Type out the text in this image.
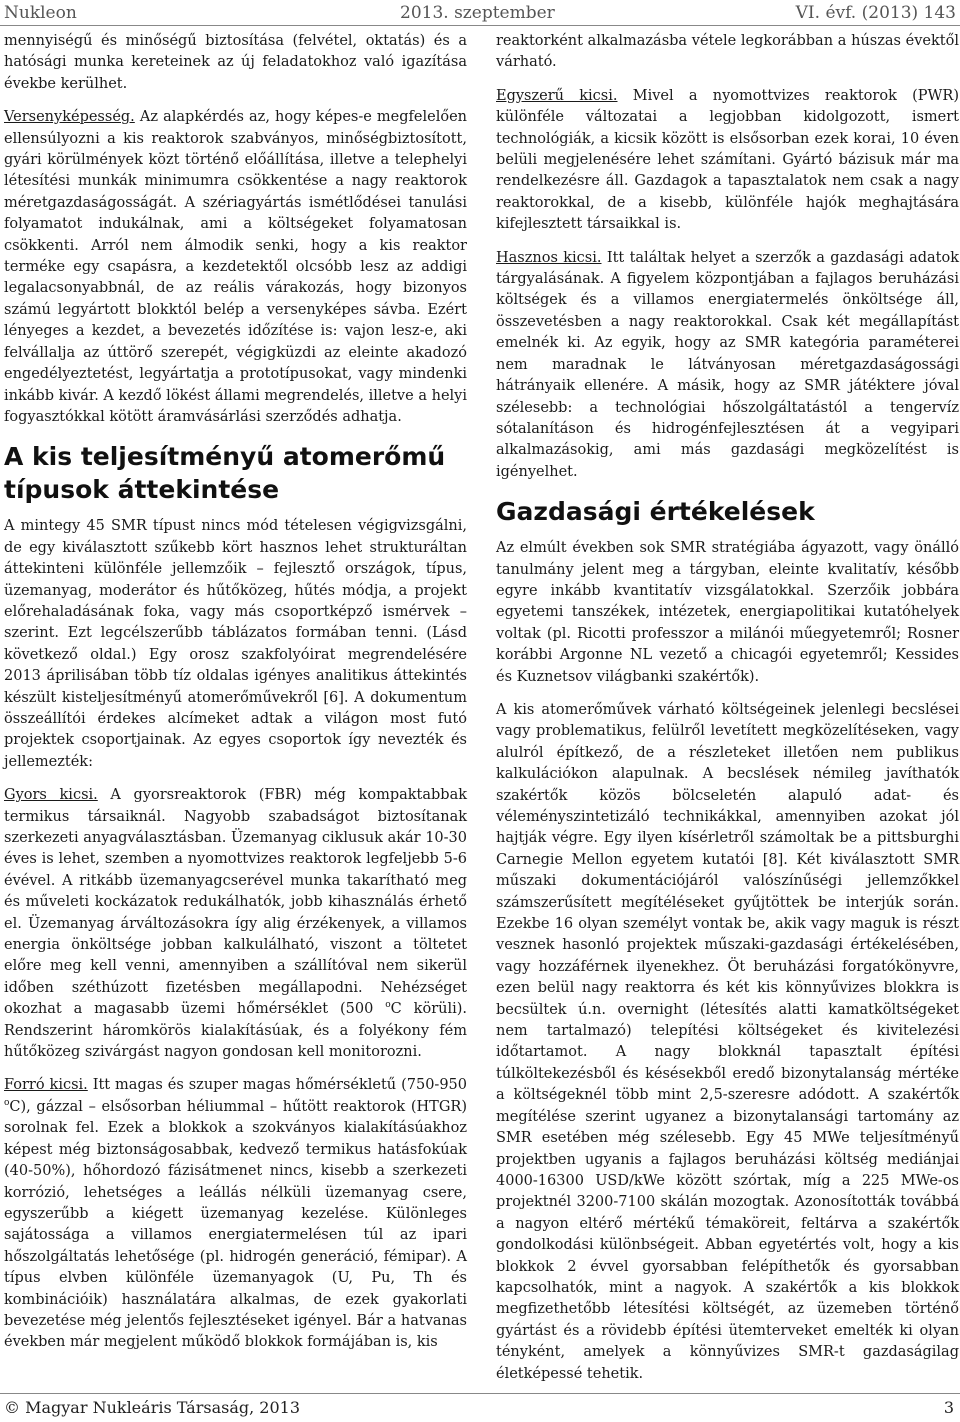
Nukleon	2013. szeptember	VI. évf. (2013) 143

mennyiségű és minőségű biztosítása (felvétel, oktatás) és a hatósági munka kereteinek az új feladatokhoz való igazítása évekbe kerülhet.

Versenyképesség. Az alapkérdés az, hogy képes-e megfelelően ellensúlyozni a kis reaktorok szabványos, minőségbiztosított, gyári körülmények közt történő előállítása, illetve a telephelyi létesítési munkák minimumra csökkentése a nagy reaktorok méretgazdaságosságát. A szériagyártás ismétlődései tanulási folyamatot indukálnak, ami a költségeket folyamatosan csökkenti. Arról nem álmodik senki, hogy a kis reaktor terméke egy csapásra, a kezdetektől olcsóbb lesz az addigi legalacsonyabbnál, de az reális várakozás, hogy bizonyos számú legyártott blokktól belép a versenyképes sávba. Ezért lényeges a kezdet, a bevezetés időzítése is: vajon lesz-e, aki felvállalja az úttörő szerepét, végigküzdi az eleinte akadozó engedélyeztetést, legyártatja a prototípusokat, vagy mindenki inkább kivár. A kezdő lökést állami megrendelés, illetve a helyi fogyasztókkal kötött áramvásárlási szerződés adhatja.

A kis teljesítményű atomerőmű típusok áttekintése

A mintegy 45 SMR típust nincs mód tételesen végigvizsgálni, de egy kiválasztott szűkebb kört hasznos lehet strukturáltan áttekinteni különféle jellemzőik – fejlesztő országok, típus, üzemanyag, moderátor és hűtőközeg, hűtés módja, a projekt előrehaladásának foka, vagy más csoportképző ismérvek – szerint. Ezt legcélszerűbb táblázatos formában tenni. (Lásd következő oldal.) Egy orosz szakfolyóirat megrendelésére 2013 áprilisában több tíz oldalas igényes analitikus áttekintés készült kisteljesítményű atomerőművekről [6]. A dokumentum összeállítói érdekes alcímeket adtak a világon most futó projektek csoportjainak. Az egyes csoportok így nevezték és jellemezték:

Gyors kicsi. A gyorsreaktorok (FBR) még kompaktabbak termikus társaiknál. Nagyobb szabadságot biztosítanak szerkezeti anyagválasztásban. Üzemanyag ciklusuk akár 10-30 éves is lehet, szemben a nyomottvizes reaktorok legfeljebb 5-6 évével. A ritkább üzemanyagcserével munka takarítható meg és műveleti kockázatok redukálhatók, jobb kihasználás érhető el. Üzemanyag árváltozásokra így alig érzékenyek, a villamos energia önköltsége jobban kalkulálható, viszont a töltetet előre meg kell venni, amennyiben a szállítóval nem sikerül időben széthúzott fizetésben megállapodni. Nehézséget okozhat a magasabb üzemi hőmérséklet (500 $^o$C körüli). Rendszerint háromkörös kialakításúak, és a folyékony fém hűtőközeg szivárgást nagyon gondosan kell monitorozni.

Forró kicsi. Itt magas és szuper magas hőmérsékletű (750-950 $^o$C), gázzal – elsősorban héliummal – hűtött reaktorok (HTGR) sorolnak fel. Ezek a blokkok a szokványos kialakításúakhoz képest még biztonságosabbak, kedvező termikus hatásfokúak (40-50%), hőhordozó fázisátmenet nincs, kisebb a szerkezeti korrózió, lehetséges a leállás nélküli üzemanyag csere, egyszerűbb a kiégett üzemanyag kezelése. Különleges sajátossága a villamos energiatermelésen túl az ipari hőszolgáltatás lehetősége (pl. hidrogén generáció, fémipar). A típus elvben különféle üzemanyagok (U, Pu, Th és kombinációik) használatára alkalmas, de ezek gyakorlati bevezetése még jelentős fejlesztéseket igényel. Bár a hatvanas években már megjelent működő blokkok formájában is, kis

reaktorként alkalmazásba vétele legkorábban a húszas évektől várható.

Egyszerű kicsi. Mivel a nyomottvizes reaktorok (PWR) különféle változatai a legjobban kidolgozott, ismert technológiák, a kicsik között is elsősorban ezek korai, 10 éven belüli megjelenésére lehet számítani. Gyártó bázisuk már ma rendelkezésre áll. Gazdagok a tapasztalatok nem csak a nagy reaktorokkal, de a kisebb, különféle hajók meghajtására kifejlesztett társaikkal is.

Hasznos kicsi. Itt találtak helyet a szerzők a gazdasági adatok tárgyalásának. A figyelem központjában a fajlagos beruházási költségek és a villamos energiatermelés önköltsége áll, összevetésben a nagy reaktorokkal. Csak két megállapítást emelnék ki. Az egyik, hogy az SMR kategória paraméterei nem maradnak le látványosan méretgazdaságossági hátrányaik ellenére. A másik, hogy az SMR játéktere jóval szélesebb: a technológiai hőszolgáltatástól a tengervíz sótalanításon és hidrogénfejlesztésen át a vegyipari alkalmazásokig, ami más gazdasági megközelítést is igényelhet.

Gazdasági értékelések

Az elmúlt években sok SMR stratégiába ágyazott, vagy önálló tanulmány jelent meg a tárgyban, eleinte kvalitatív, később egyre inkább kvantitatív vizsgálatokkal. Szerzőik jobbára egyetemi tanszékek, intézetek, energiapolitikai kutatóhelyek voltak (pl. Ricotti professzor a milánói műegyetemről; Rosner korábbi Argonne NL vezető a chicagói egyetemről; Kessides és Kuznetsov világbanki szakértők).

A kis atomerőművek várható költségeinek jelenlegi becslései vagy problematikus, felülről levetített megközelítéseken, vagy alulról építkező, de a részleteket illetően nem publikus kalkulációkon alapulnak. A becslések némileg javíthatók szakértők közös bölcseletén alapuló adat- és véleményszintetizáló technikákkal, amennyiben azokat jól hajtják végre. Egy ilyen kísérletről számoltak be a pittsburghi Carnegie Mellon egyetem kutatói [8]. Két kiválasztott SMR műszaki dokumentációjáról valószínűségi jellemzőkkel számszerűsített megítéléseket gyűjtöttek be interjúk során. Ezekbe 16 olyan személyt vontak be, akik vagy maguk is részt vesznek hasonló projektek műszaki-gazdasági értékelésében, vagy hozzáférnek ilyenekhez. Öt beruházási forgatókönyvre, ezen belül nagy reaktorra és két kis könnyűvizes blokkra is becsültek ú.n. overnight (létesítés alatti kamatköltségeket nem tartalmazó) telepítési költségeket és kivitelezési időtartamot. A nagy blokknál tapasztalt építési túlköltekezésből és késésekből eredő bizonytalanság mértéke a költségeknél több mint 2,5-szeresre adódott. A szakértők megítélése szerint ugyanez a bizonytalansági tartomány az SMR esetében még szélesebb. Egy 45 MWe teljesítményű projektben ugyanis a fajlagos beruházási költség mediánjai 4000-16300 USD/kWe között szórtak, míg a 225 MWe-os projektnél 3200-7100 skálán mozogtak. Azonosították továbbá a nagyon eltérő mértékű témaköreit, feltárva a szakértők gondolkodási különbségeit. Abban egyetértés volt, hogy a kis blokkok 2 évvel gyorsabban felépíthetők és gyorsabban kapcsolhatók, mint a nagyok. A szakértők a kis blokkok megfizethetőbb létesítési költségét, az üzemeben történő gyártást és a rövidebb építési ütemterveket emelték ki olyan tényként, amelyek a könnyűvizes SMR-t gazdaságilag életképessé tehetik.

© Magyar Nukleáris Társaság, 2013	3
